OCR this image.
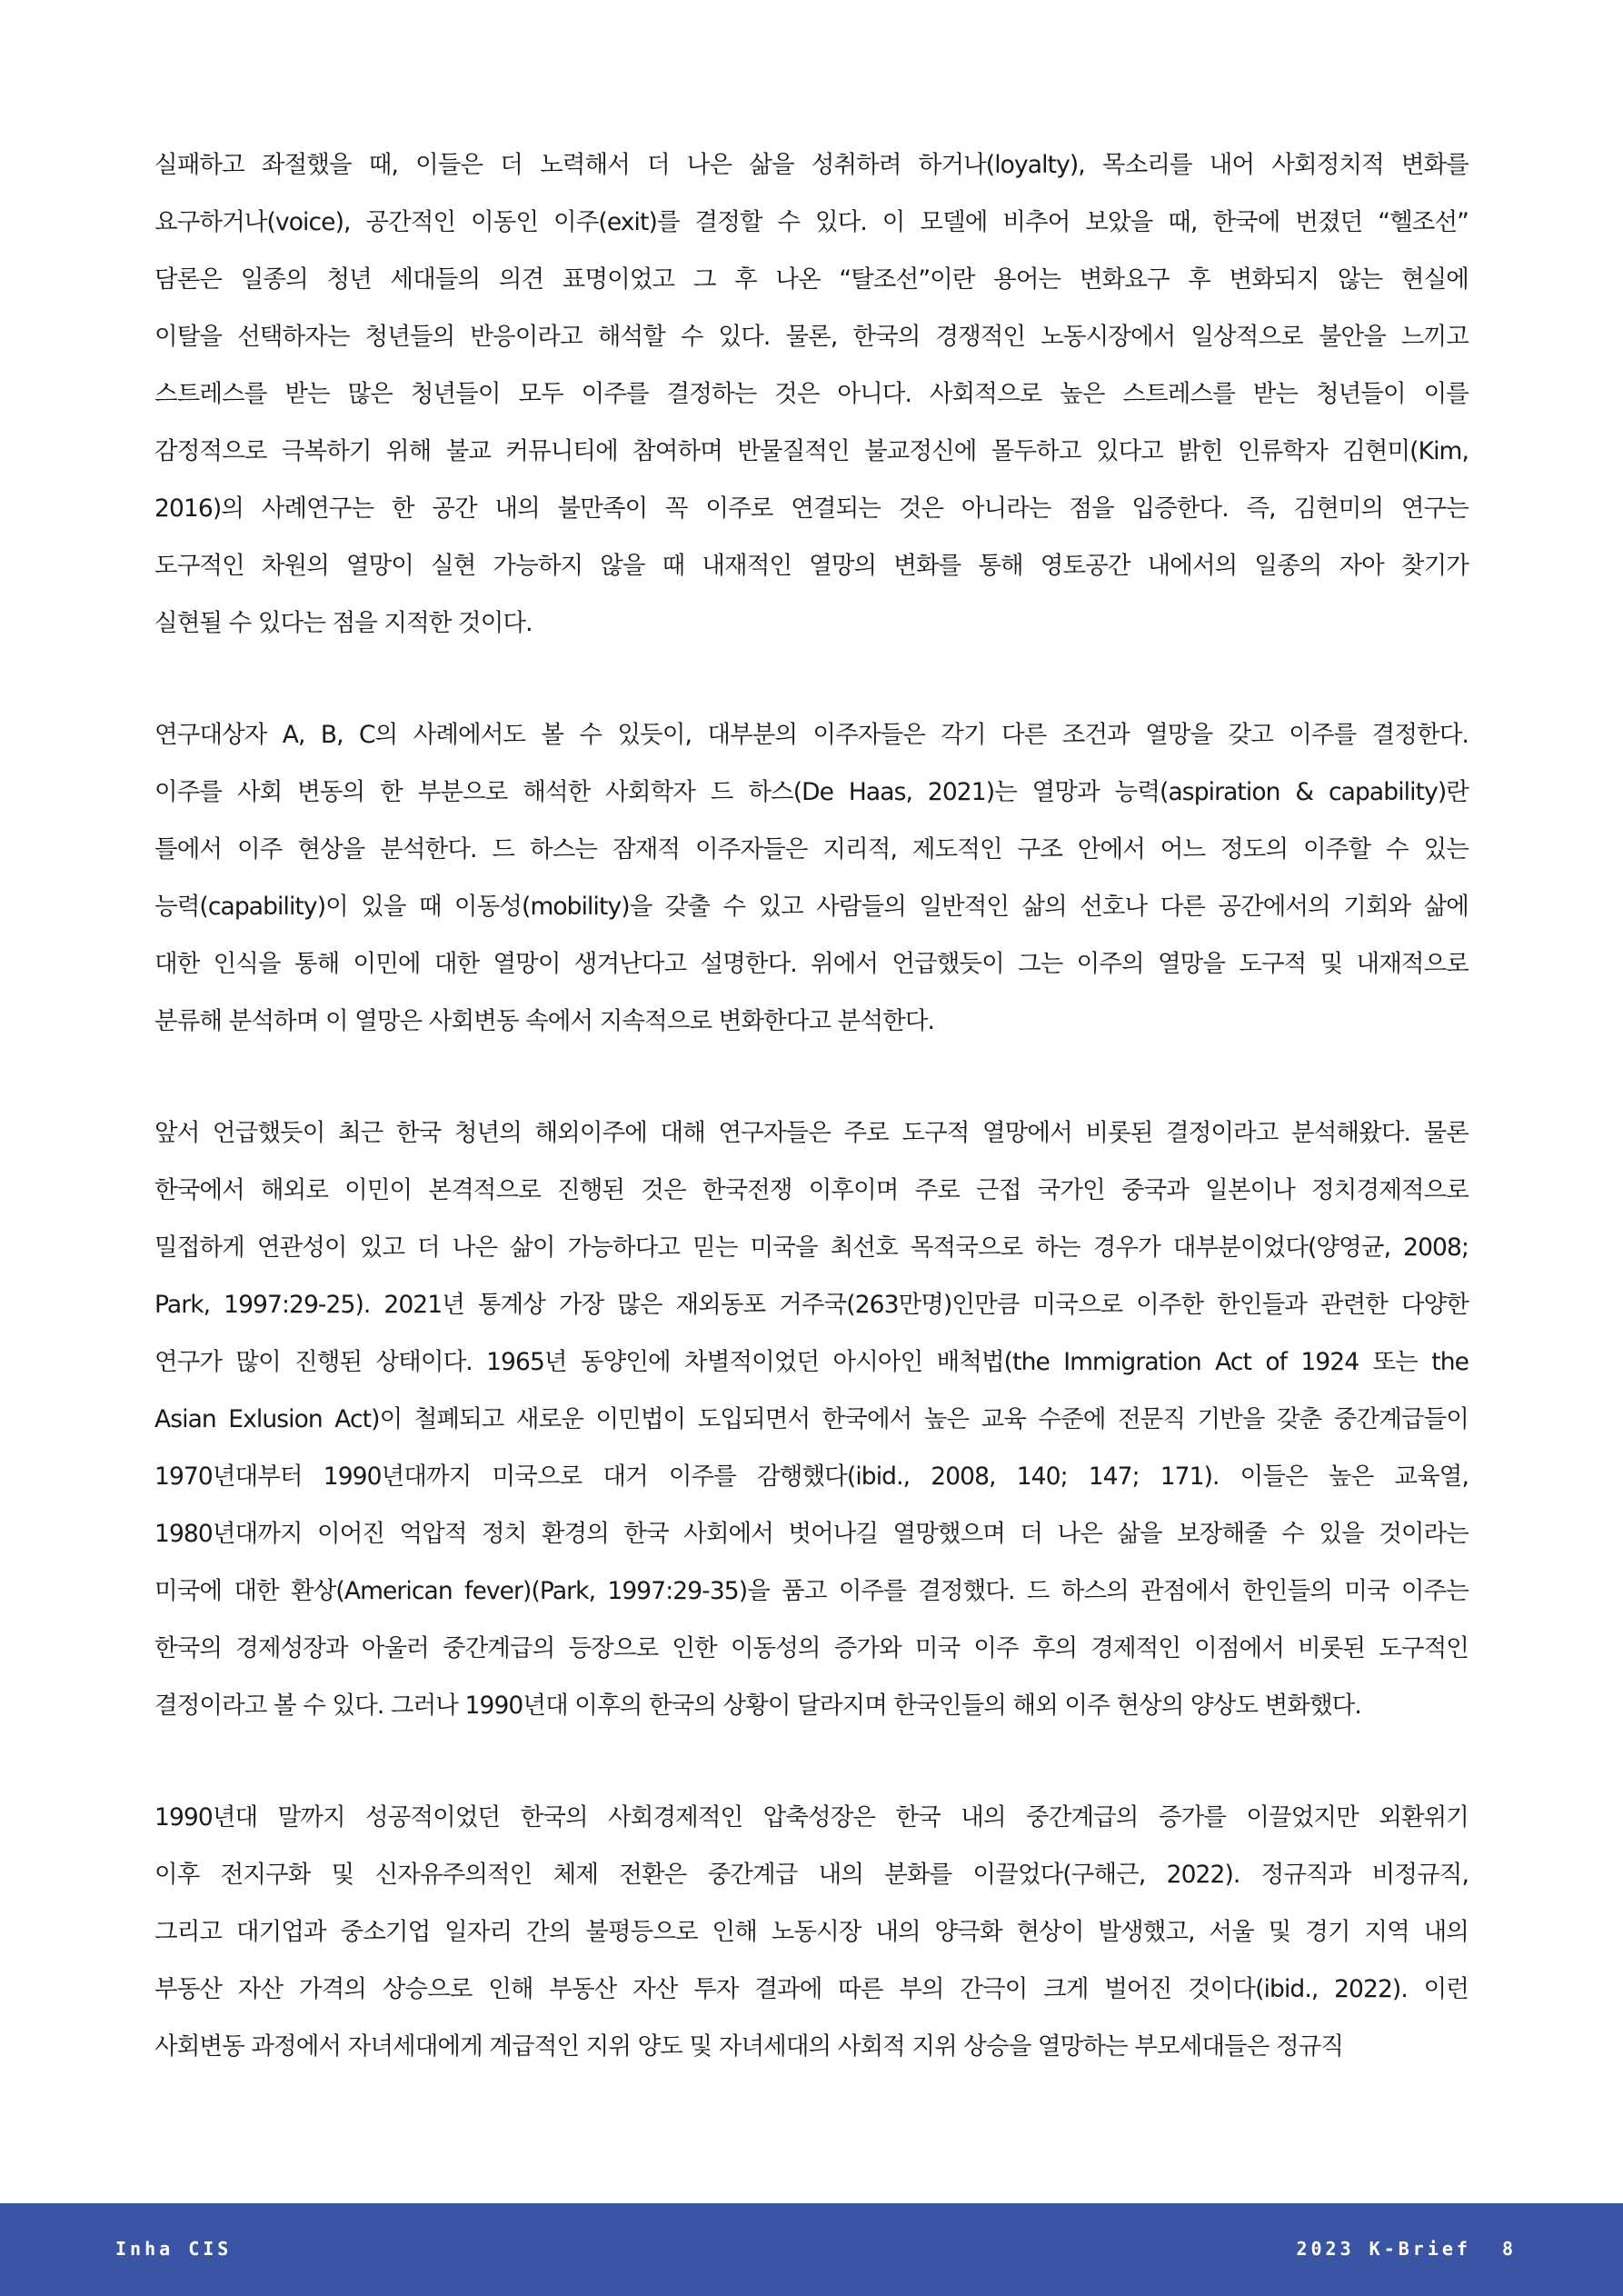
실패하고 좌절했을 때, 이들은 더 노력해서 더 나은 삶을 성취하려 하거나(loyalty), 목소리를 내어 사회정치적 변화를
요구하거나(voice), 공간적인 이동인 이주(exit)를 결정할 수 있다. 이 모델에 비추어 보았을 때, 한국에 번졌던 “헬조선”
담론은 일종의 청년 세대들의 의견 표명이었고 그 후 나온 “탈조선”이란 용어는 변화요구 후 변화되지 않는 현실에
이탈을 선택하자는 청년들의 반응이라고 해석할 수 있다. 물론, 한국의 경쟁적인 노동시장에서 일상적으로 불안을 느끼고
스트레스를 받는 많은 청년들이 모두 이주를 결정하는 것은 아니다. 사회적으로 높은 스트레스를 받는 청년들이 이를
감정적으로 극복하기 위해 불교 커뮤니티에 참여하며 반물질적인 불교정신에 몰두하고 있다고 밝힌 인류학자 김현미(Kim,
2016)의 사례연구는 한 공간 내의 불만족이 꼭 이주로 연결되는 것은 아니라는 점을 입증한다. 즉, 김현미의 연구는
도구적인 차원의 열망이 실현 가능하지 않을 때 내재적인 열망의 변화를 통해 영토공간 내에서의 일종의 자아 찾기가
실현될 수 있다는 점을 지적한 것이다.

연구대상자 A, B, C의 사례에서도 볼 수 있듯이, 대부분의 이주자들은 각기 다른 조건과 열망을 갖고 이주를 결정한다.
이주를 사회 변동의 한 부분으로 해석한 사회학자 드 하스(De Haas, 2021)는 열망과 능력(aspiration & capability)란
틀에서 이주 현상을 분석한다. 드 하스는 잠재적 이주자들은 지리적, 제도적인 구조 안에서 어느 정도의 이주할 수 있는
능력(capability)이 있을 때 이동성(mobility)을 갖출 수 있고 사람들의 일반적인 삶의 선호나 다른 공간에서의 기회와 삶에
대한 인식을 통해 이민에 대한 열망이 생겨난다고 설명한다. 위에서 언급했듯이 그는 이주의 열망을 도구적 및 내재적으로
분류해 분석하며 이 열망은 사회변동 속에서 지속적으로 변화한다고 분석한다.

앞서 언급했듯이 최근 한국 청년의 해외이주에 대해 연구자들은 주로 도구적 열망에서 비롯된 결정이라고 분석해왔다. 물론
한국에서 해외로 이민이 본격적으로 진행된 것은 한국전쟁 이후이며 주로 근접 국가인 중국과 일본이나 정치경제적으로
밀접하게 연관성이 있고 더 나은 삶이 가능하다고 믿는 미국을 최선호 목적국으로 하는 경우가 대부분이었다(양영균, 2008;
Park, 1997:29-25). 2021년 통계상 가장 많은 재외동포 거주국(263만명)인만큼 미국으로 이주한 한인들과 관련한 다양한
연구가 많이 진행된 상태이다. 1965년 동양인에 차별적이었던 아시아인 배척법(the Immigration Act of 1924 또는 the
Asian Exlusion Act)이 철폐되고 새로운 이민법이 도입되면서 한국에서 높은 교육 수준에 전문직 기반을 갖춘 중간계급들이
1970년대부터 1990년대까지 미국으로 대거 이주를 감행했다(ibid., 2008, 140; 147; 171). 이들은 높은 교육열,
1980년대까지 이어진 억압적 정치 환경의 한국 사회에서 벗어나길 열망했으며 더 나은 삶을 보장해줄 수 있을 것이라는
미국에 대한 환상(American fever)(Park, 1997:29-35)을 품고 이주를 결정했다. 드 하스의 관점에서 한인들의 미국 이주는
한국의 경제성장과 아울러 중간계급의 등장으로 인한 이동성의 증가와 미국 이주 후의 경제적인 이점에서 비롯된 도구적인
결정이라고 볼 수 있다. 그러나 1990년대 이후의 한국의 상황이 달라지며 한국인들의 해외 이주 현상의 양상도 변화했다.

1990년대 말까지 성공적이었던 한국의 사회경제적인 압축성장은 한국 내의 중간계급의 증가를 이끌었지만 외환위기
이후 전지구화 및 신자유주의적인 체제 전환은 중간계급 내의 분화를 이끌었다(구해근, 2022). 정규직과 비정규직,
그리고 대기업과 중소기업 일자리 간의 불평등으로 인해 노동시장 내의 양극화 현상이 발생했고, 서울 및 경기 지역 내의
부동산 자산 가격의 상승으로 인해 부동산 자산 투자 결과에 따른 부의 간극이 크게 벌어진 것이다(ibid., 2022). 이런
사회변동 과정에서 자녀세대에게 계급적인 지위 양도 및 자녀세대의 사회적 지위 상승을 열망하는 부모세대들은 정규직

Inha CIS	2023 K-Brief 8
